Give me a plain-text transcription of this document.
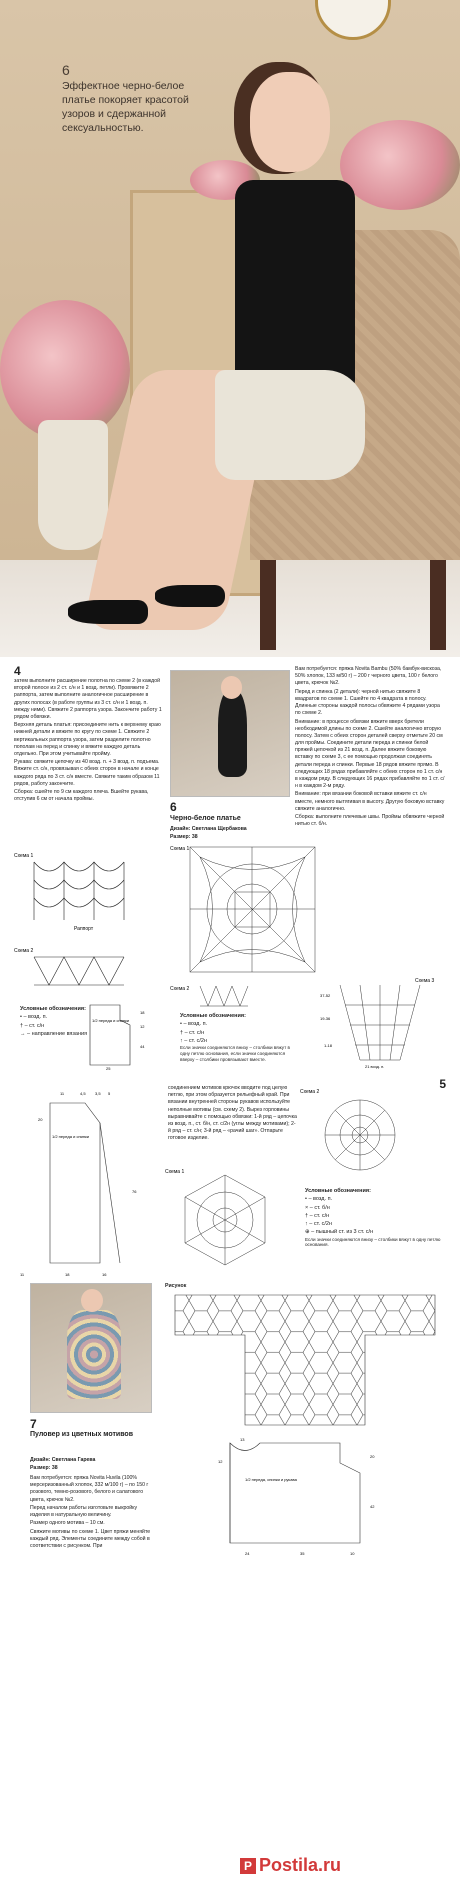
6
Эффектное черно-белое платье покоряет красотой узоров и сдержанной сексуальностью.
4

затем выполните расширение полотна по схеме 2 (в каждой второй полосе из 2 ст. с/н и 1 возд. петли). Провяжите 2 раппорта, затем выполните аналогичное расширение в других полосах (в работе группы из 3 ст. с/н и 1 возд. п. между ними). Свяжите 2 раппорта узора. Закончите работу 1 рядом обвязки.

Верхняя деталь платья: присоедините нить к верхнему краю нижней детали и вяжите по кругу по схеме 1. Свяжите 2 вертикальных раппорта узора, затем разделите полотно пополам на перед и спинку и вяжите каждую деталь отдельно. При этом учитывайте пройму.

Рукава: свяжите цепочку из 40 возд. п. + 3 возд. п. подъема. Вяжите ст. с/н, провязывая с обеих сторон в начале и конце каждого ряда по 3 ст. с/н вместе. Свяжите таким образом 11 рядов, работу закончите.

Сборка: сшейте по 9 см каждого плеча. Вшейте рукава, отступив 6 см от начала проймы.

Схема 1
Раппорт
Схема 2
Условные обозначения:
• – возд. п.
† – ст. с/н
→ – направление вязания
1/2 переда и спинки
18
12
44
25
6
Черно-белое платье
Дизайн: Светлана Щербакова
Размер: 38

Вам потребуется: пряжа Novita Bambu (50% бамбук-вискоза, 50% хлопок, 133 м/50 г) – 200 г черного цвета, 100 г белого цвета, крючок №2.

Перед и спинка (2 детали): черной нитью свяжите 8 квадратов по схеме 1. Сшейте по 4 квадрата в полосу. Длинные стороны каждой полосы обвяжите 4 рядами узора по схеме 2.

Внимание: в процессе обвязки вяжите вверх бретели необходимой длины по схеме 2. Сшейте аналогично вторую полосу. Затем с обеих сторон деталей сверху отметьте 20 см для проймы. Соедините детали переда и спинки белой пряжей цепочкой из 21 возд. п. Далее вяжите боковую вставку по схеме 3, с ее помощью продолжая соединять детали переда и спинки. Первые 18 рядов вяжите прямо. В следующих 18 рядах прибавляйте с обеих сторон по 1 ст. с/н в каждом ряду. В следующих 16 рядах прибавляйте по 1 ст. с/н в каждом 2-м ряду.

Внимание: при вязании боковой вставки вяжите ст. с/н вместе, немного вытягивая в высоту. Другую боковую вставку свяжите аналогично.

Сборка: выполните плечевые швы. Проймы обвяжите черной нитью ст. б/н.

Схема 1
Схема 2
Условные обозначения:
• – возд. п.
† – ст. с/н
↑ – ст. с/2н
Если значки соединяются внизу – столбики вяжут в одну петлю основания, если значки соединяются вверху – столбики провязывают вместе.
Схема 3
37-52
19-36
1-18
21 возд. п.
5
11	4,5 3,5 5
20
1/2 переда и спинки
76
18	16
11

соединением мотивов крючок вводите под целую петлю, при этом образуется рельефный край. При вязании внутренней стороны рукавов используйте неполные мотивы (см. схему 2). Вырез горловины выравнивайте с помощью обвязки: 1-й ряд – цепочка из возд. п., ст. б/н, ст. с/2н (углы между мотивами); 2-й ряд – ст. с/н; 3-й ряд – «рачий шаг». Отпарьте готовое изделие.

Схема 2
Схема 1
Условные обозначения:
• – возд. п.
× – ст. б/н
† – ст. с/н
↑ – ст. с/2н
⊕ – пышный ст. из 3 ст. с/н
Если значки соединяются внизу – столбики вяжут в одну петлю основания.
Рисунок
7
Пуловер из цветных мотивов
Дизайн: Светлана Гарева
Размер: 38

Вам потребуется: пряжа Novita Huvila (100% мерсеризованный хлопок, 332 м/100 г) – по 150 г розового, темно-розового, белого и салатового цвета, крючок №2.

Перед началом работы изготовьте выкройку изделия в натуральную величину.

Размер одного мотива – 10 см.

Свяжите мотивы по схеме 1. Цвет пряжи меняйте каждый ряд. Элементы соедините между собой в соответствии с рисунком. При

13
12
1/2 переда, спинки и рукава
20
42
24	35	10
P Postila.ru
